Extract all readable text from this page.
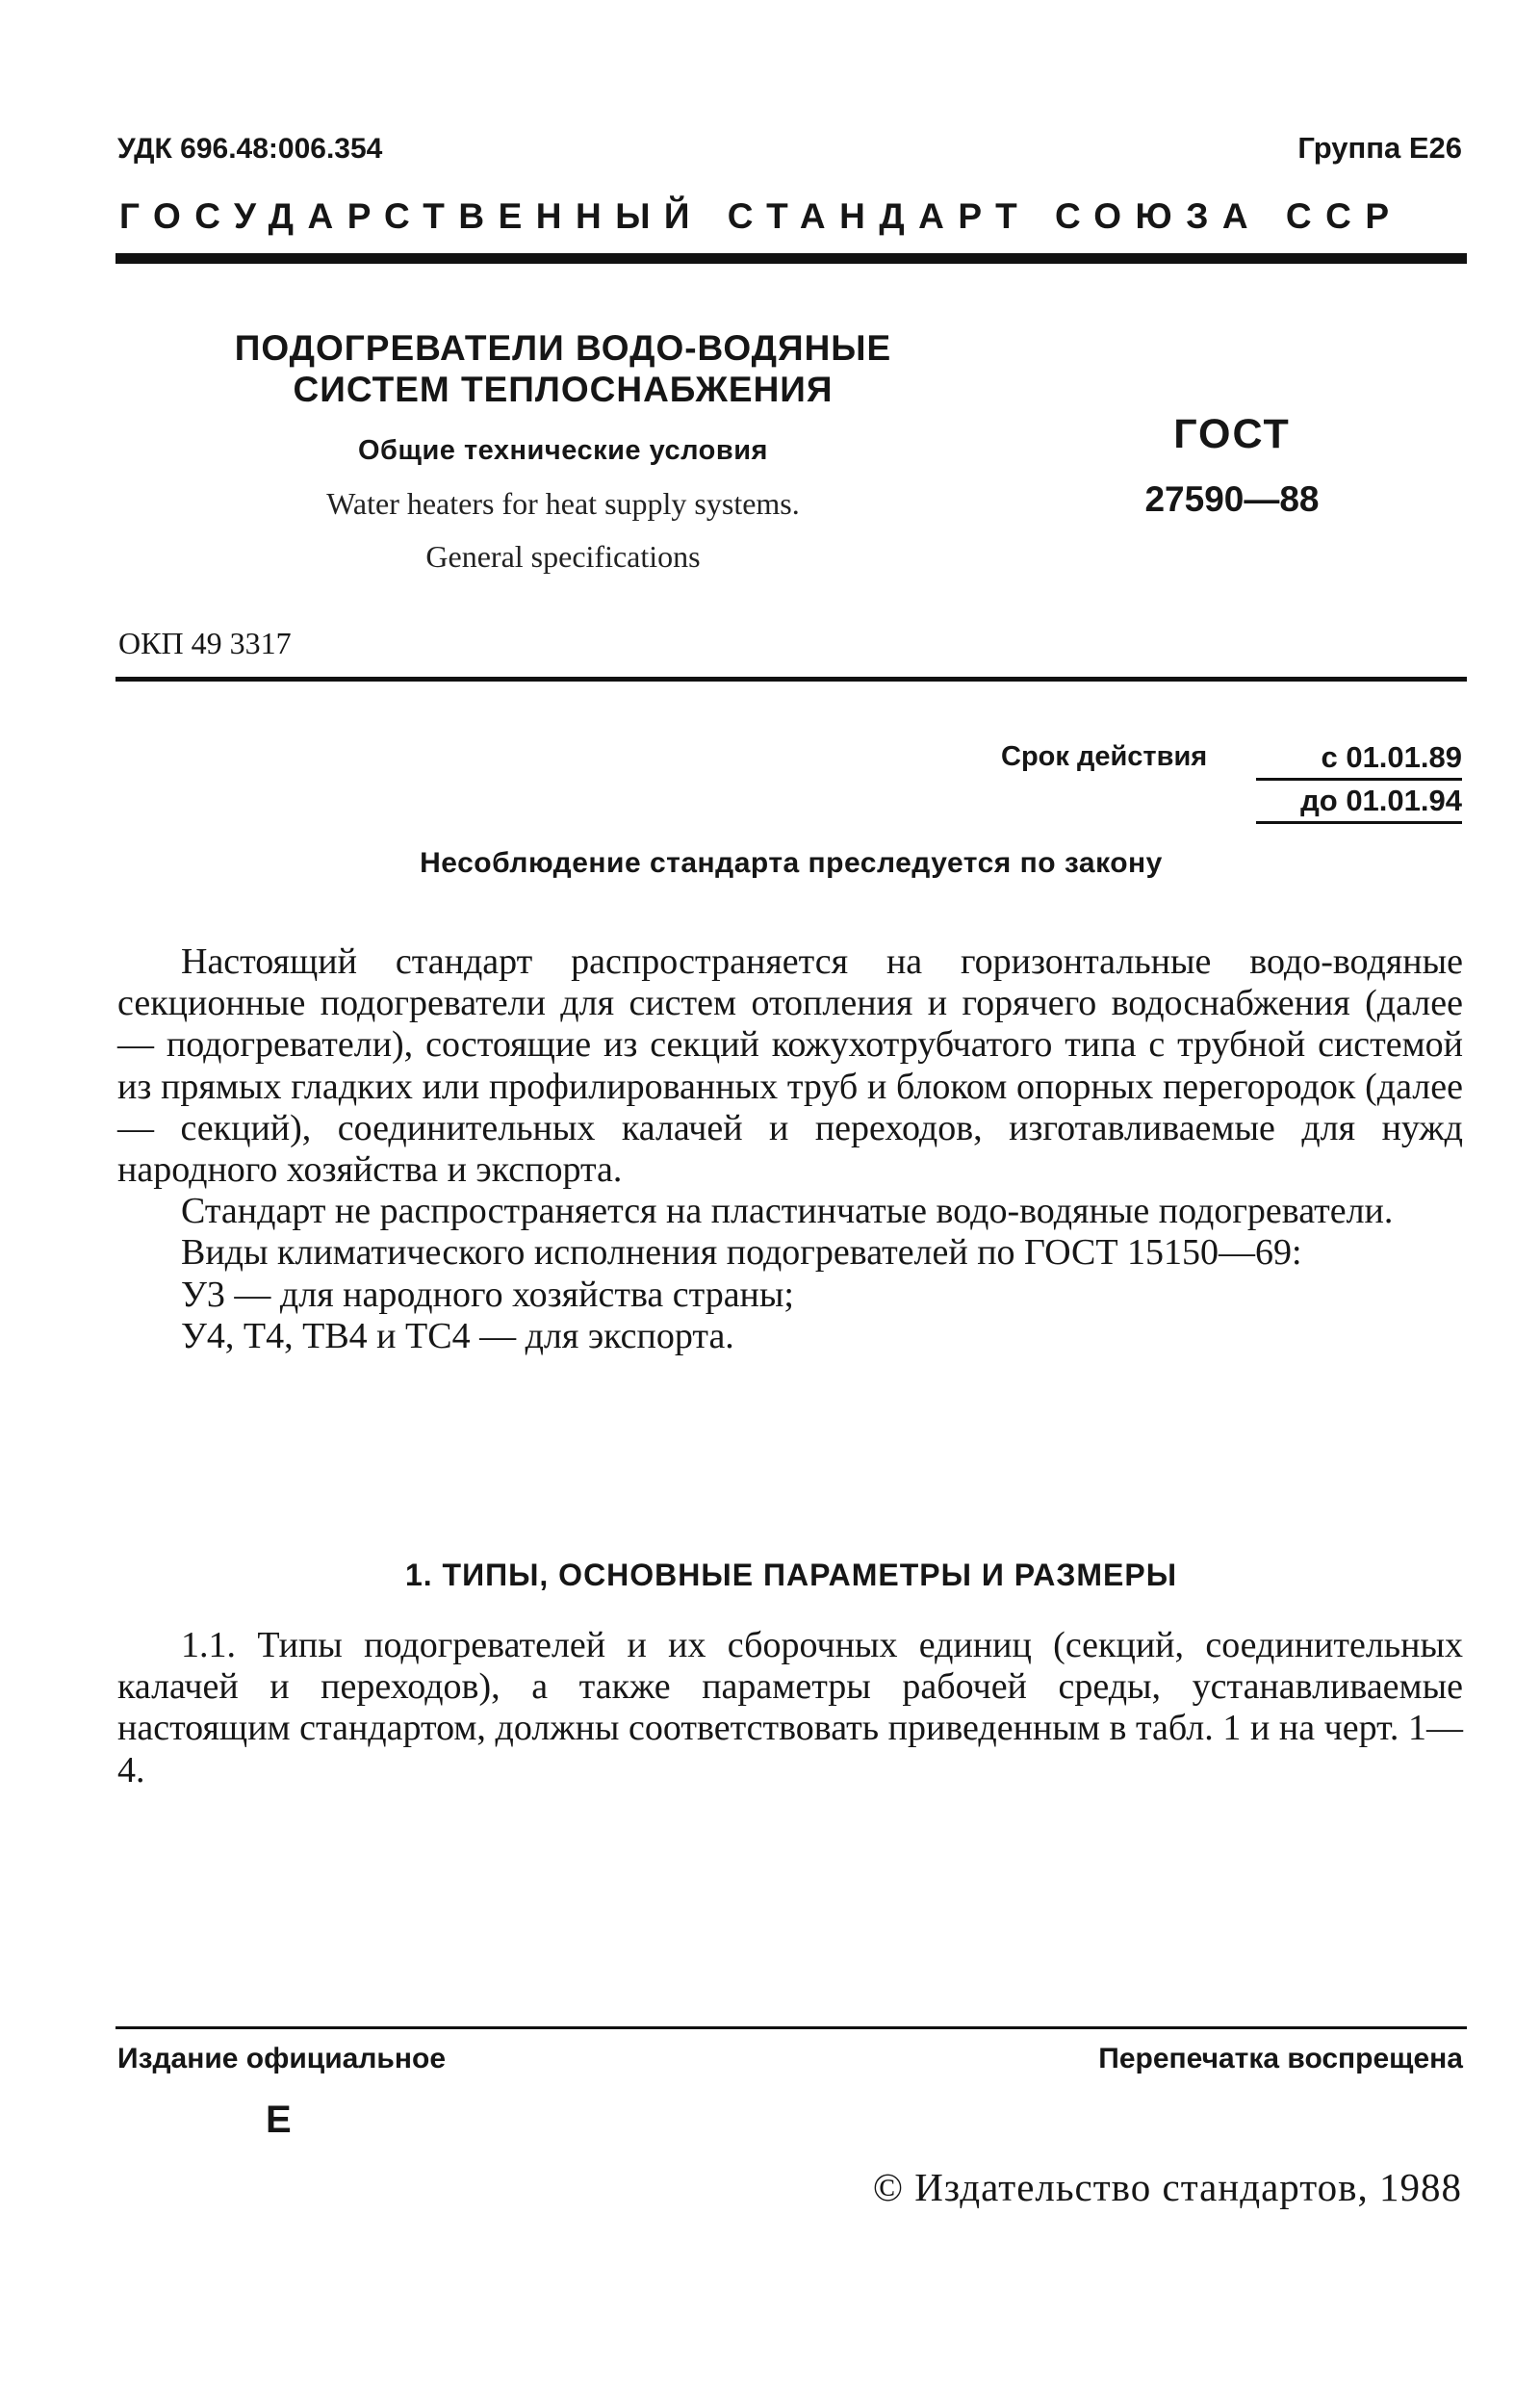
УДК 696.48:006.354	Группа Е26
ГОСУДАРСТВЕННЫЙ СТАНДАРТ СОЮЗА ССР
ПОДОГРЕВАТЕЛИ ВОДО-ВОДЯНЫЕ
СИСТЕМ ТЕПЛОСНАБЖЕНИЯ
Общие технические условия
Water heaters for heat supply systems.
General specifications
ГОСТ
27590—88
ОКП 49 3317
Срок действия	с 01.01.89
до 01.01.94
Несоблюдение стандарта преследуется по закону

Настоящий стандарт распространяется на горизонтальные водо-водяные секционные подогреватели для систем отопления и горячего водоснабжения (далее — подогреватели), состоящие из секций кожухотрубчатого типа с трубной системой из прямых гладких или профилированных труб и блоком опорных перегородок (далее — секций), соединительных калачей и переходов, изготавливаемые для нужд народного хозяйства и экспорта.

Стандарт не распространяется на пластинчатые водо-водяные подогреватели.

Виды климатического исполнения подогревателей по ГОСТ 15150—69:

У3 — для народного хозяйства страны;

У4, Т4, ТВ4 и ТС4 — для экспорта.

1. ТИПЫ, ОСНОВНЫЕ ПАРАМЕТРЫ И РАЗМЕРЫ

1.1. Типы подогревателей и их сборочных единиц (секций, соединительных калачей и переходов), а также параметры рабочей среды, устанавливаемые настоящим стандартом, должны соответствовать приведенным в табл. 1 и на черт. 1—4.

Издание официальное	Перепечатка воспрещена
Е
© Издательство стандартов, 1988
